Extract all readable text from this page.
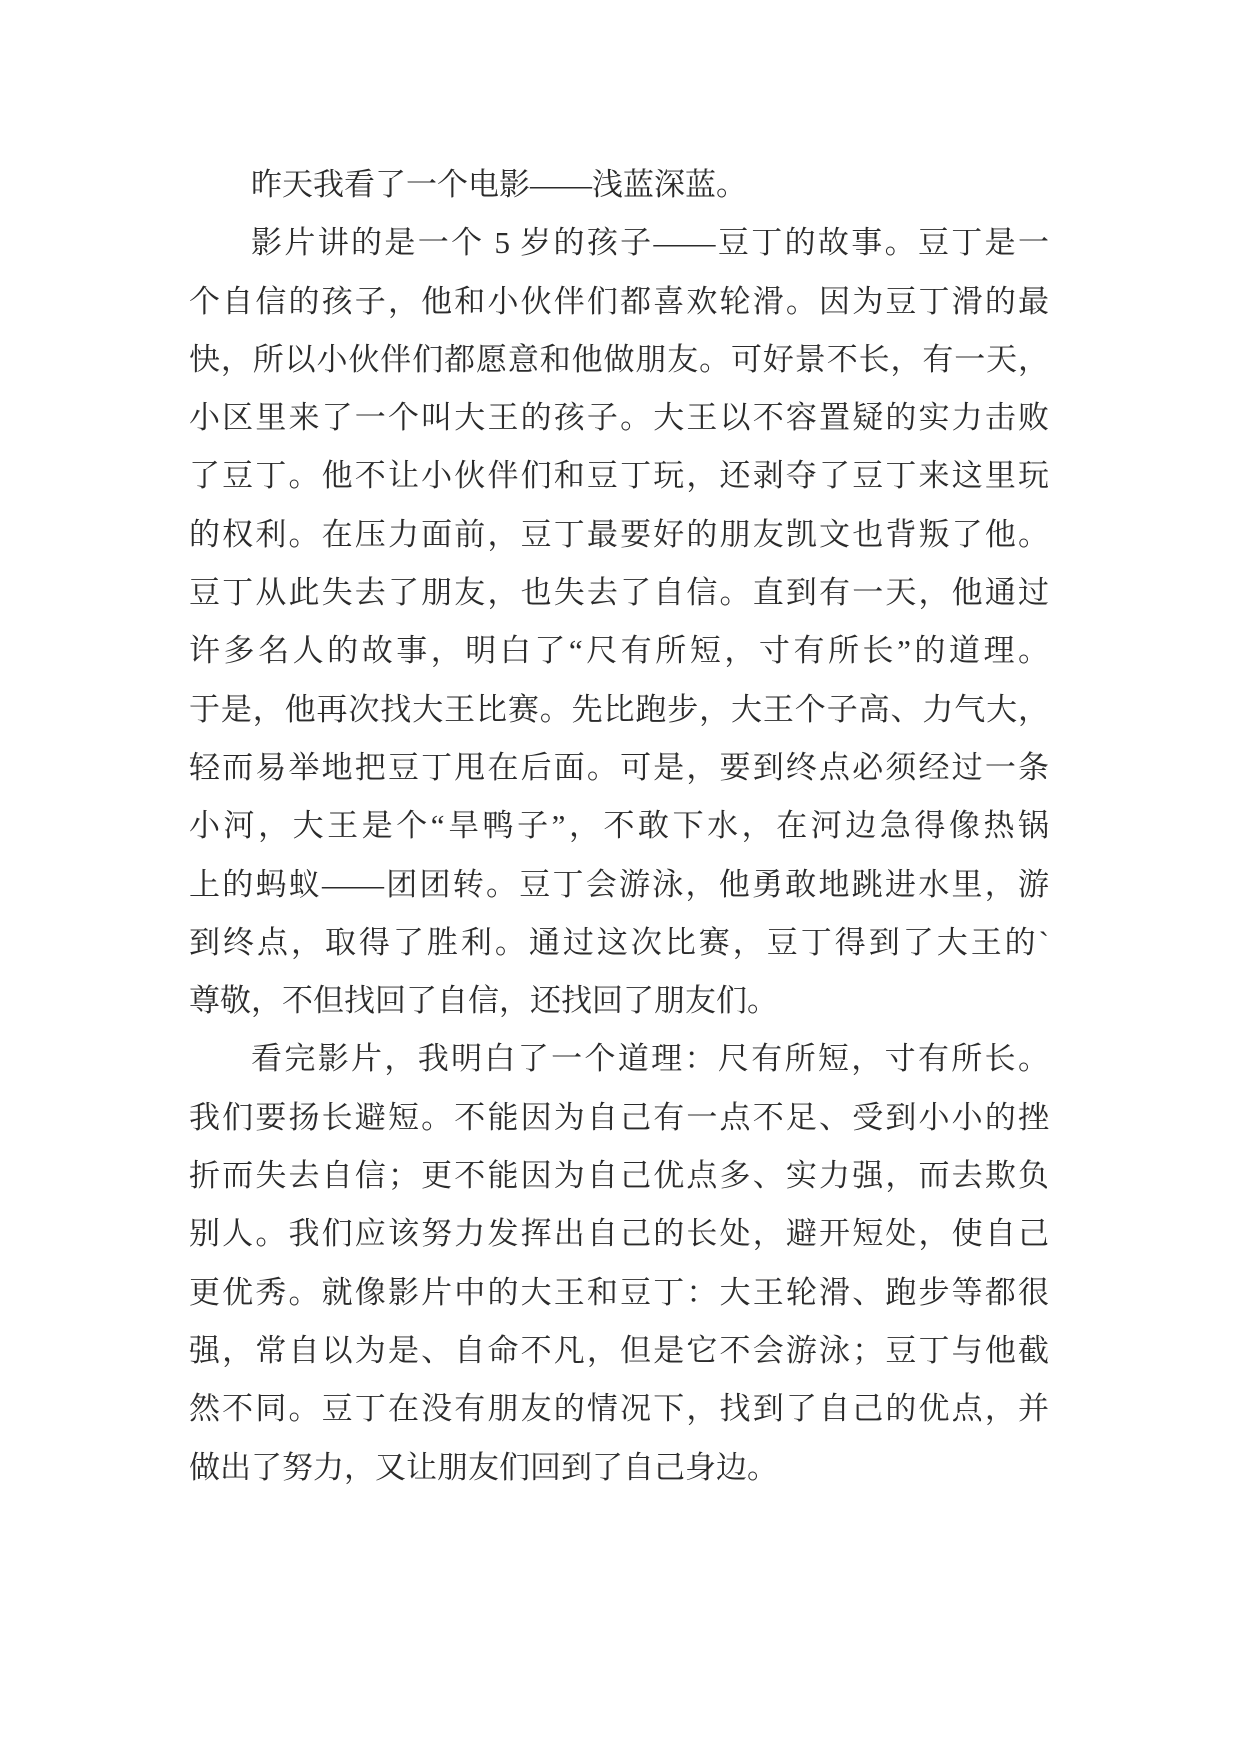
昨天我看了一个电影——浅蓝深蓝。
影片讲的是一个 5 岁的孩子——豆丁的故事。豆丁是一
个自信的孩子，他和小伙伴们都喜欢轮滑。因为豆丁滑的最
快，所以小伙伴们都愿意和他做朋友。可好景不长，有一天，
小区里来了一个叫大王的孩子。大王以不容置疑的实力击败
了豆丁。他不让小伙伴们和豆丁玩，还剥夺了豆丁来这里玩
的权利。在压力面前，豆丁最要好的朋友凯文也背叛了他。
豆丁从此失去了朋友，也失去了自信。直到有一天，他通过
许多名人的故事，明白了“尺有所短，寸有所长”的道理。
于是，他再次找大王比赛。先比跑步，大王个子高、力气大，
轻而易举地把豆丁甩在后面。可是，要到终点必须经过一条
小河，大王是个“旱鸭子”，不敢下水，在河边急得像热锅
上的蚂蚁——团团转。豆丁会游泳，他勇敢地跳进水里，游
到终点，取得了胜利。通过这次比赛，豆丁得到了大王的`
尊敬，不但找回了自信，还找回了朋友们。
看完影片，我明白了一个道理：尺有所短，寸有所长。
我们要扬长避短。不能因为自己有一点不足、受到小小的挫
折而失去自信；更不能因为自己优点多、实力强，而去欺负
别人。我们应该努力发挥出自己的长处，避开短处，使自己
更优秀。就像影片中的大王和豆丁：大王轮滑、跑步等都很
强，常自以为是、自命不凡，但是它不会游泳；豆丁与他截
然不同。豆丁在没有朋友的情况下，找到了自己的优点，并
做出了努力，又让朋友们回到了自己身边。
